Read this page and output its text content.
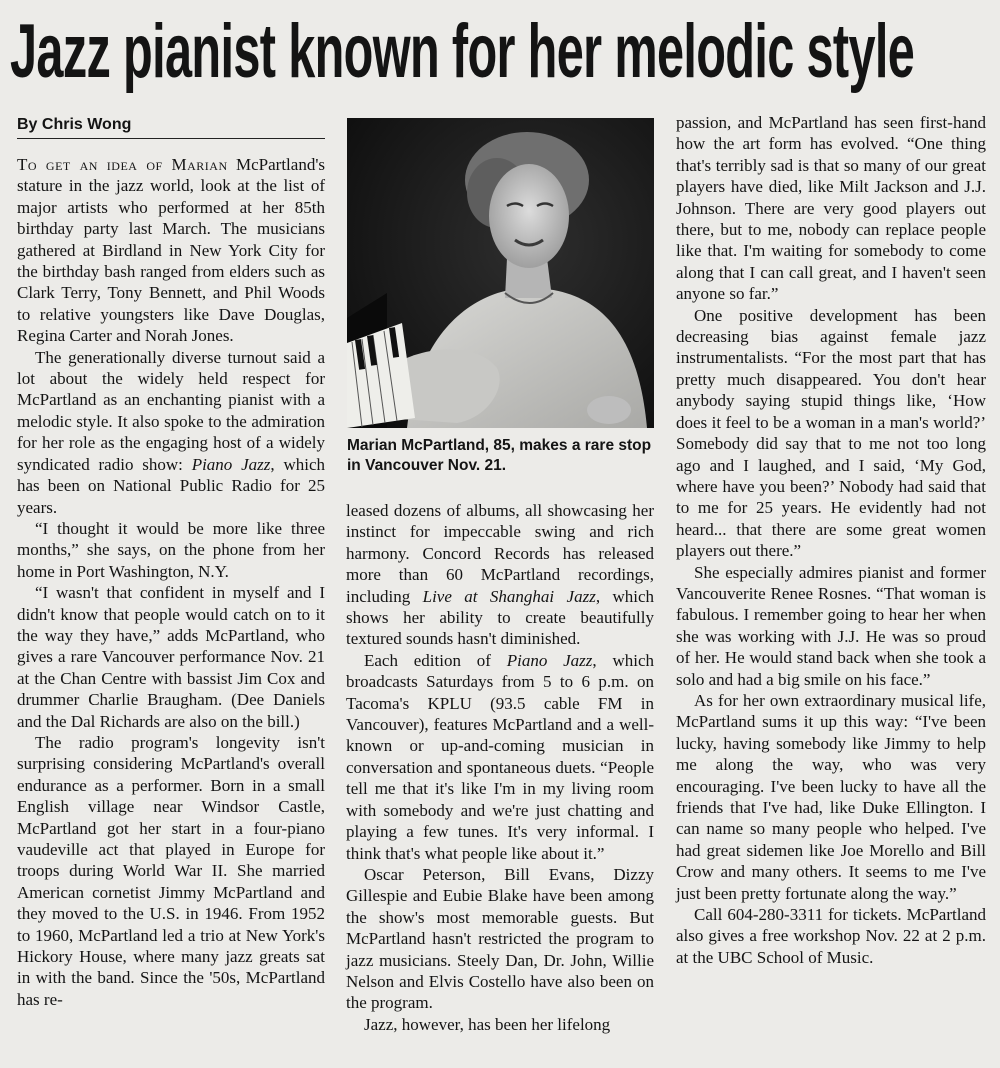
Jazz pianist known for her melodic style
By Chris Wong

To get an idea of Marian McPartland's stature in the jazz world, look at the list of major artists who performed at her 85th birthday party last March. The musicians gathered at Birdland in New York City for the birthday bash ranged from elders such as Clark Terry, Tony Bennett, and Phil Woods to relative youngsters like Dave Douglas, Regina Carter and Norah Jones.

The generationally diverse turnout said a lot about the widely held respect for McPartland as an enchanting pianist with a melodic style. It also spoke to the admiration for her role as the engaging host of a widely syndicated radio show: Piano Jazz, which has been on National Public Radio for 25 years.

“I thought it would be more like three months,” she says, on the phone from her home in Port Washington, N.Y.

“I wasn't that confident in myself and I didn't know that people would catch on to it the way they have,” adds McPartland, who gives a rare Vancouver performance Nov. 21 at the Chan Centre with bassist Jim Cox and drummer Charlie Braugham. (Dee Daniels and the Dal Richards are also on the bill.)

The radio program's longevity isn't surprising considering McPartland's overall endurance as a performer. Born in a small English village near Windsor Castle, McPartland got her start in a four-piano vaudeville act that played in Europe for troops during World War II. She married American cornetist Jimmy McPartland and they moved to the U.S. in 1946. From 1952 to 1960, McPartland led a trio at New York's Hickory House, where many jazz greats sat in with the band. Since the '50s, McPartland has re-

Marian McPartland, 85, makes a rare stop in Vancouver Nov. 21.

leased dozens of albums, all showcasing her instinct for impeccable swing and rich harmony. Concord Records has released more than 60 McPartland recordings, including Live at Shanghai Jazz, which shows her ability to create beautifully textured sounds hasn't diminished.

Each edition of Piano Jazz, which broadcasts Saturdays from 5 to 6 p.m. on Tacoma's KPLU (93.5 cable FM in Vancouver), features McPartland and a well-known or up-and-coming musician in conversation and spontaneous duets. “People tell me that it's like I'm in my living room with somebody and we're just chatting and playing a few tunes. It's very informal. I think that's what people like about it.”

Oscar Peterson, Bill Evans, Dizzy Gillespie and Eubie Blake have been among the show's most memorable guests. But McPartland hasn't restricted the program to jazz musicians. Steely Dan, Dr. John, Willie Nelson and Elvis Costello have also been on the program.

Jazz, however, has been her lifelong

passion, and McPartland has seen first-hand how the art form has evolved. “One thing that's terribly sad is that so many of our great players have died, like Milt Jackson and J.J. Johnson. There are very good players out there, but to me, nobody can replace people like that. I'm waiting for somebody to come along that I can call great, and I haven't seen anyone so far.”

One positive development has been decreasing bias against female jazz instrumentalists. “For the most part that has pretty much disappeared. You don't hear anybody saying stupid things like, ‘How does it feel to be a woman in a man's world?’ Somebody did say that to me not too long ago and I laughed, and I said, ‘My God, where have you been?’ Nobody had said that to me for 25 years. He evidently had not heard... that there are some great women players out there.”

She especially admires pianist and former Vancouverite Renee Rosnes. “That woman is fabulous. I remember going to hear her when she was working with J.J. He was so proud of her. He would stand back when she took a solo and had a big smile on his face.”

As for her own extraordinary musical life, McPartland sums it up this way: “I've been lucky, having somebody like Jimmy to help me along the way, who was very encouraging. I've been lucky to have all the friends that I've had, like Duke Ellington. I can name so many people who helped. I've had great sidemen like Joe Morello and Bill Crow and many others. It seems to me I've just been pretty fortunate along the way.”

Call 604-280-3311 for tickets. McPartland also gives a free workshop Nov. 22 at 2 p.m. at the UBC School of Music.
